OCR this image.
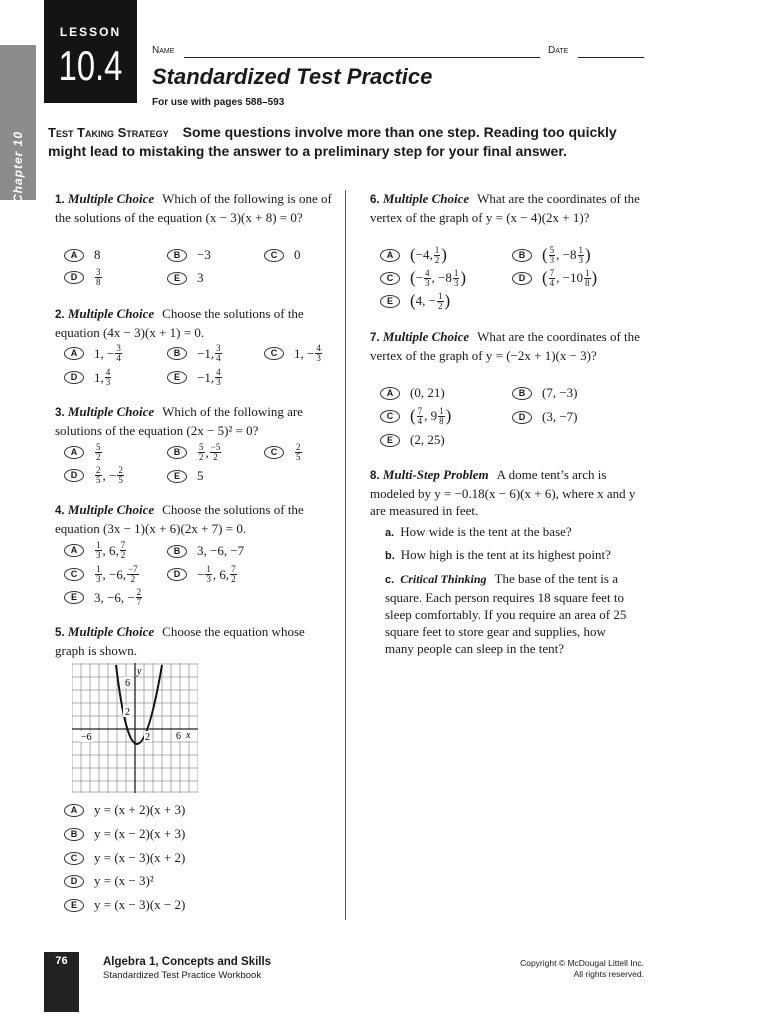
LESSON
10.4
Chapter 10
Name	Date
Standardized Test Practice
For use with pages 588–593
Test Taking Strategy Some questions involve more than one step. Reading too quickly might lead to mistaking the answer to a preliminary step for your final answer.
1. Multiple Choice Which of the following is one of the solutions of the equation (x − 3)(x + 8) = 0?
A	8	B	−3	C	0
D	$\frac{3}{8}$	E	3
2. Multiple Choice Choose the solutions of the equation (4x − 3)(x + 1) = 0.
A	1, − $\frac{3}{4}$	B	−1, $\frac{3}{4}$	C	1, − $\frac{4}{3}$
D	1, $\frac{4}{3}$	E	−1, $\frac{4}{3}$
3. Multiple Choice Which of the following are solutions of the equation (2x − 5)² = 0?
A	$\frac{5}{2}$	B	$\frac{5}{2}$ , $\frac{-5}{2}$	C	$\frac{2}{5}$
D	$\frac{2}{5}$ , − $\frac{2}{5}$	E	5
4. Multiple Choice Choose the solutions of the equation (3x − 1)(x + 6)(2x + 7) = 0.
A	$\frac{1}{3}$ , 6, $\frac{7}{2}$	B	3, −6, −7
C	$\frac{1}{3}$ , −6, $\frac{-7}{2}$	D	− $\frac{1}{3}$ , 6, $\frac{7}{2}$
E	3, −6, − $\frac{2}{7}$
5. Multiple Choice Choose the equation whose graph is shown.
y
6
2
−6	2	6 x
A	y = (x + 2)(x + 3)
B	y = (x − 2)(x + 3)
C	y = (x − 3)(x + 2)
D	y = (x − 3)²
E	y = (x − 3)(x − 2)
6. Multiple Choice What are the coordinates of the vertex of the graph of y = (x − 4)(2x + 1)?
A ( −4, $\frac{1}{2}$ )	B ( $\frac{5}{3}$ , $-8 \frac{1}{3}$ )
C ( − $\frac{4}{3}$ , $-8 \frac{1}{3}$ )	D ( $\frac{7}{4}$ , $-10 \frac{1}{8}$ )
E	( 4, − $\frac{1}{2}$ )
7. Multiple Choice What are the coordinates of the vertex of the graph of y = (−2x + 1)(x − 3)?
A	(0, 21)	B	(7, −3)
C ( $\frac{7}{4}$ , $9 \frac{1}{8}$ )	D	(3, −7)
E	(2, 25)
8. Multi-Step Problem A dome tent’s arch is modeled by y = −0.18(x − 6)(x + 6), where x and y are measured in feet.
a. How wide is the tent at the base?
b. How high is the tent at its highest point?
c. Critical Thinking The base of the tent is a square. Each person requires 18 square feet to sleep comfortably. If you require an area of 25 square feet to store gear and supplies, how many people can sleep in the tent?
76	Algebra 1, Concepts and Skills
Standardized Test Practice Workbook
Copyright © McDougal Littell Inc.
All rights reserved.
